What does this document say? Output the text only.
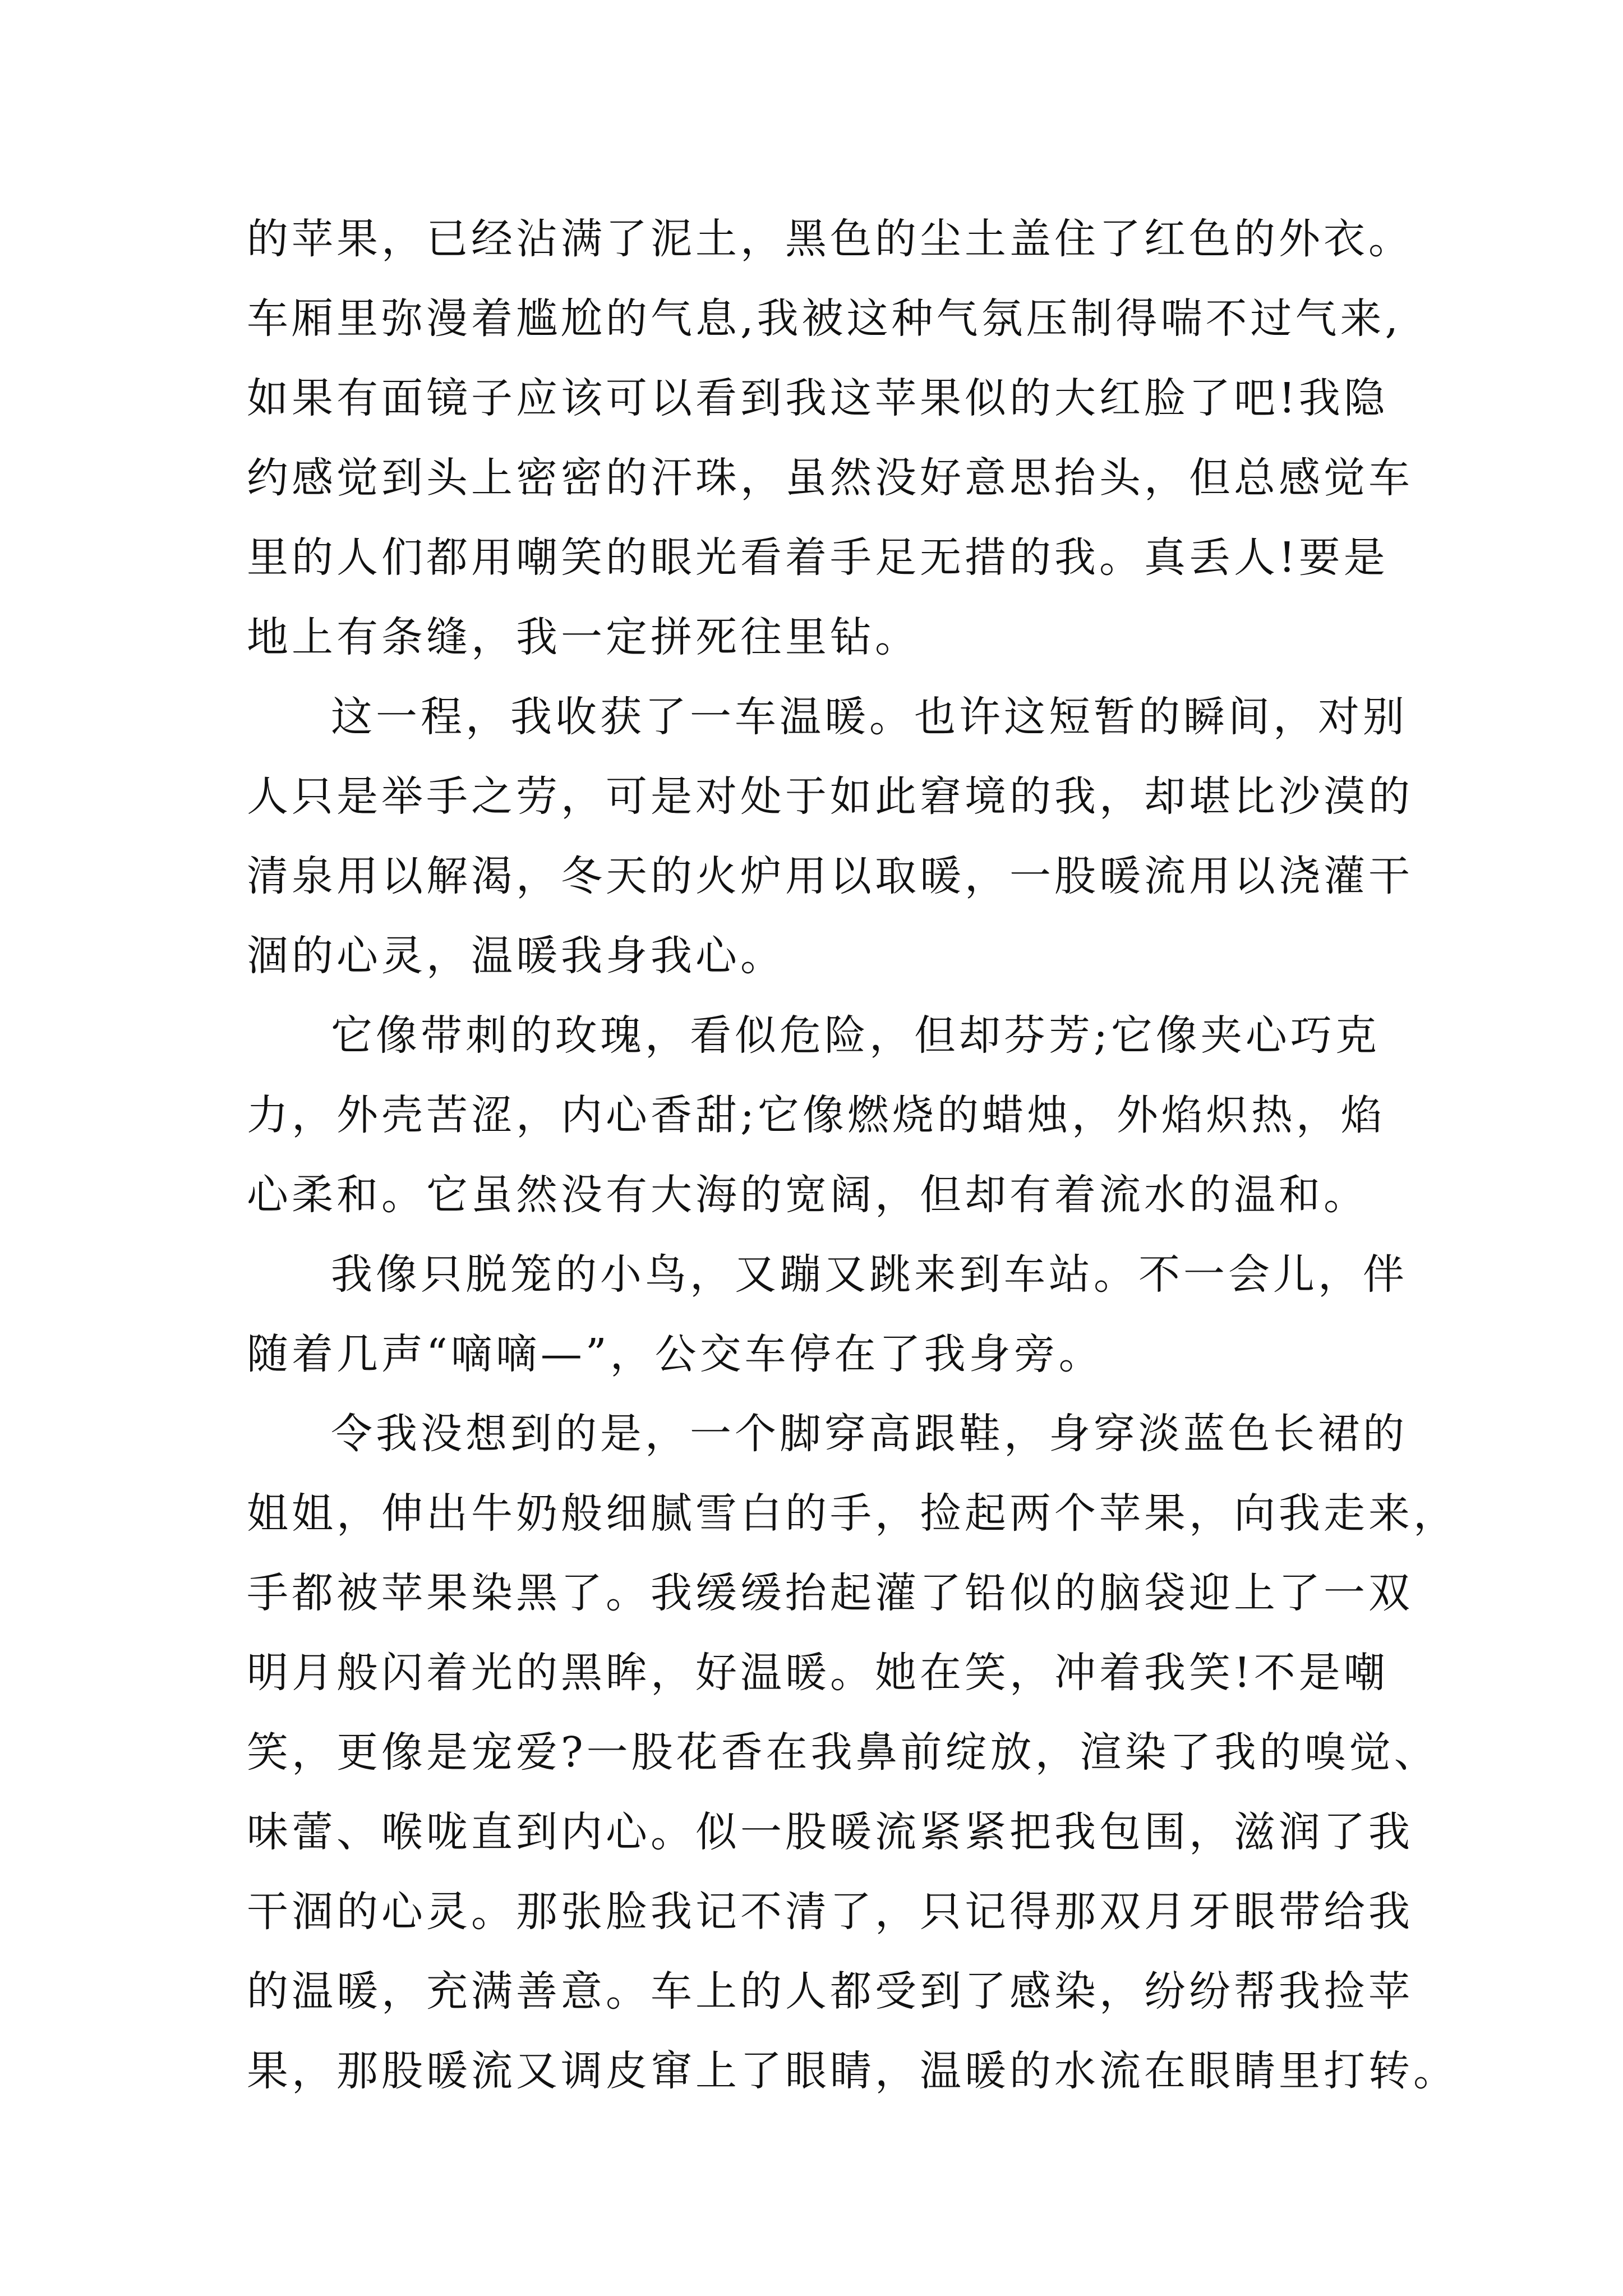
的苹果，已经沾满了泥土，黑色的尘土盖住了红色的外衣。
车厢里弥漫着尴尬的气息,我被这种气氛压制得喘不过气来,
如果有面镜子应该可以看到我这苹果似的大红脸了吧!我隐
约感觉到头上密密的汗珠，虽然没好意思抬头，但总感觉车
里的人们都用嘲笑的眼光看着手足无措的我。真丢人!要是
地上有条缝，我一定拼死往里钻。
这一程，我收获了一车温暖。也许这短暂的瞬间，对别
人只是举手之劳，可是对处于如此窘境的我，却堪比沙漠的
清泉用以解渴，冬天的火炉用以取暖，一股暖流用以浇灌干
涸的心灵，温暖我身我心。
它像带刺的玫瑰，看似危险，但却芬芳;它像夹心巧克
力，外壳苦涩，内心香甜;它像燃烧的蜡烛，外焰炽热，焰
心柔和。它虽然没有大海的宽阔，但却有着流水的温和。
我像只脱笼的小鸟，又蹦又跳来到车站。不一会儿，伴
随着几声“嘀嘀—”，公交车停在了我身旁。
令我没想到的是，一个脚穿高跟鞋，身穿淡蓝色长裙的
姐姐，伸出牛奶般细腻雪白的手，捡起两个苹果，向我走来，
手都被苹果染黑了。我缓缓抬起灌了铅似的脑袋迎上了一双
明月般闪着光的黑眸，好温暖。她在笑，冲着我笑!不是嘲
笑，更像是宠爱?一股花香在我鼻前绽放，渲染了我的嗅觉、
味蕾、喉咙直到内心。似一股暖流紧紧把我包围，滋润了我
干涸的心灵。那张脸我记不清了，只记得那双月牙眼带给我
的温暖，充满善意。车上的人都受到了感染，纷纷帮我捡苹
果，那股暖流又调皮窜上了眼睛，温暖的水流在眼睛里打转。
